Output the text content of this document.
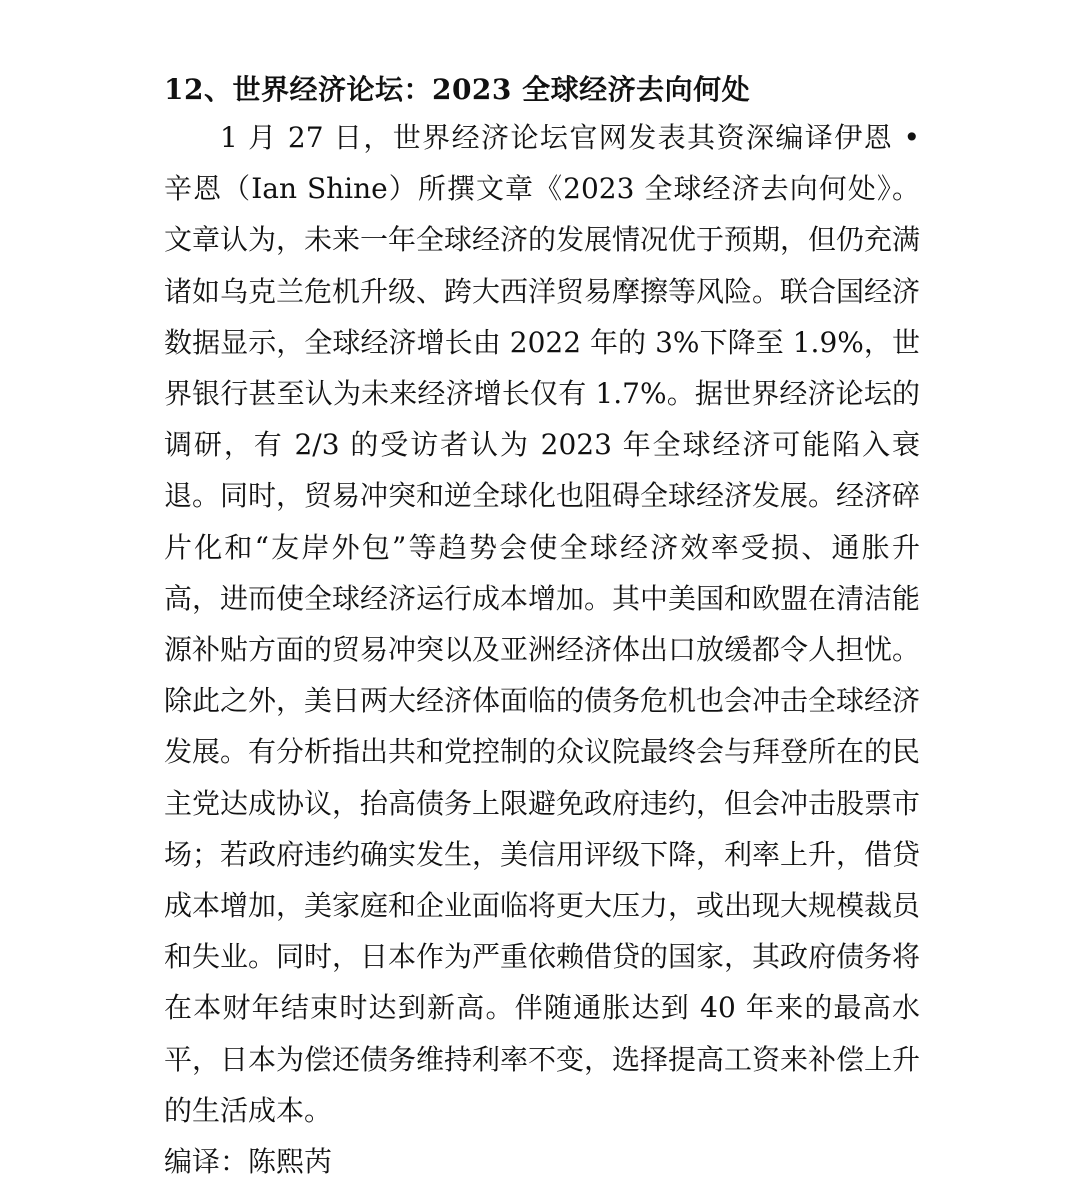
12、世界经济论坛：2023 全球经济去向何处

1 月 27 日，世界经济论坛官网发表其资深编译伊恩 • 辛恩（Ian Shine）所撰文章《2023 全球经济去向何处》。文章认为，未来一年全球经济的发展情况优于预期，但仍充满诸如乌克兰危机升级、跨大西洋贸易摩擦等风险。联合国经济数据显示，全球经济增长由 2022 年的 3%下降至 1.9%，世界银行甚至认为未来经济增长仅有 1.7%。据世界经济论坛的调研，有 2/3 的受访者认为 2023 年全球经济可能陷入衰退。同时，贸易冲突和逆全球化也阻碍全球经济发展。经济碎片化和“友岸外包”等趋势会使全球经济效率受损、通胀升高，进而使全球经济运行成本增加。其中美国和欧盟在清洁能源补贴方面的贸易冲突以及亚洲经济体出口放缓都令人担忧。除此之外，美日两大经济体面临的债务危机也会冲击全球经济发展。有分析指出共和党控制的众议院最终会与拜登所在的民主党达成协议，抬高债务上限避免政府违约，但会冲击股票市场；若政府违约确实发生，美信用评级下降，利率上升，借贷成本增加，美家庭和企业面临将更大压力，或出现大规模裁员和失业。同时，日本作为严重依赖借贷的国家，其政府债务将在本财年结束时达到新高。伴随通胀达到 40 年来的最高水平，日本为偿还债务维持利率不变，选择提高工资来补偿上升的生活成本。

编译：陈熙芮
